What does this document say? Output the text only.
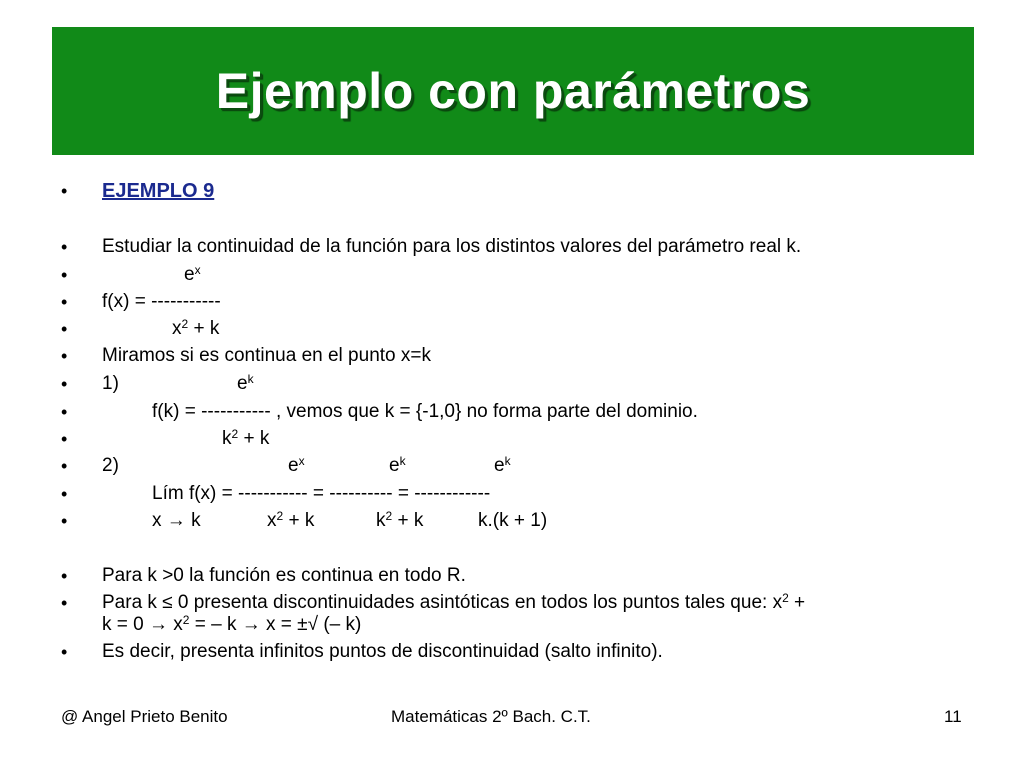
Ejemplo con parámetros
• EJEMPLO 9
• Estudiar la continuidad de la función para los distintos valores del parámetro real k.
•	$e^x$
• f(x) = -----------
•	$x^2 + k$
• Miramos si es continua en el punto x=k
• 1)	$e^k$
•	f(k) = ----------- , vemos que k = {-1,0} no forma parte del dominio.
•	$k^2 + k$
• 2)	$e^x$	$e^k$	$e^k$
•	Lím f(x) = ----------- = ---------- = ------------
•	x → k	$x^2 + k$	$k^2 + k$	k.(k + 1)
• Para k >0 la función es continua en todo R.
• Para k ≤ 0 presenta discontinuidades asintóticas en todos los puntos tales que: $x^2$ +
$k = 0 \to x^2$ = – k → x = ±√ (– k)
• Es decir, presenta infinitos puntos de discontinuidad (salto infinito).
@ Angel Prieto Benito	Matemáticas 2º Bach. C.T.	11
